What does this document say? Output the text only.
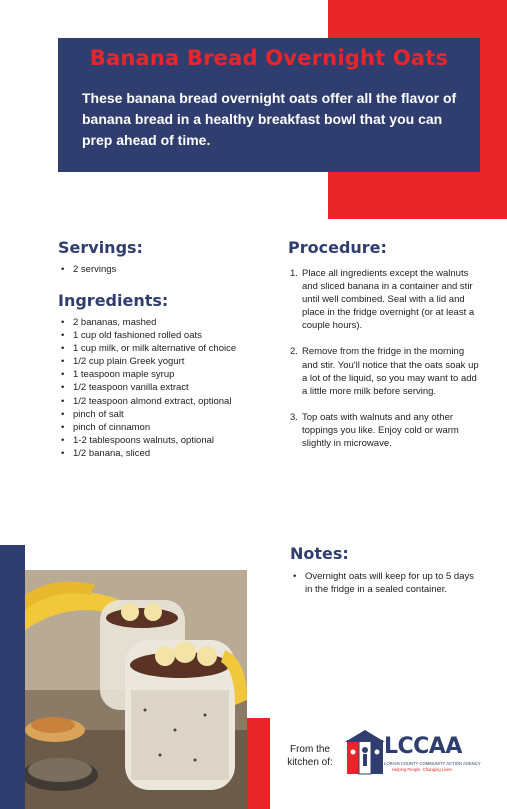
Banana Bread Overnight Oats
These banana bread overnight oats offer all the flavor of banana bread in a healthy breakfast bowl that you can prep ahead of time.
Servings:
• 2 servings
Ingredients:
• 2 bananas, mashed
• 1 cup old fashioned rolled oats
• 1 cup milk, or milk alternative of choice
• 1/2 cup plain Greek yogurt
• 1 teaspoon maple syrup
• 1/2 teaspoon vanilla extract
• 1/2 teaspoon almond extract, optional
• pinch of salt
• pinch of cinnamon
• 1-2 tablespoons walnuts, optional
• 1/2 banana, sliced
Procedure:
1. Place all ingredients except the walnuts and sliced banana in a container and stir until well combined. Seal with a lid and place in the fridge overnight (or at least a couple hours).
2. Remove from the fridge in the morning and stir. You'll notice that the oats soak up a lot of the liquid, so you may want to add a little more milk before serving.
3. Top oats with walnuts and any other toppings you like. Enjoy cold or warm slightly in microwave.
Notes:
• Overnight oats will keep for up to 5 days in the fridge in a sealed container.
From the kitchen of:
LCCAA
LORAIN COUNTY COMMUNITY ACTION AGENCY
Helping People. Changing Lives.
